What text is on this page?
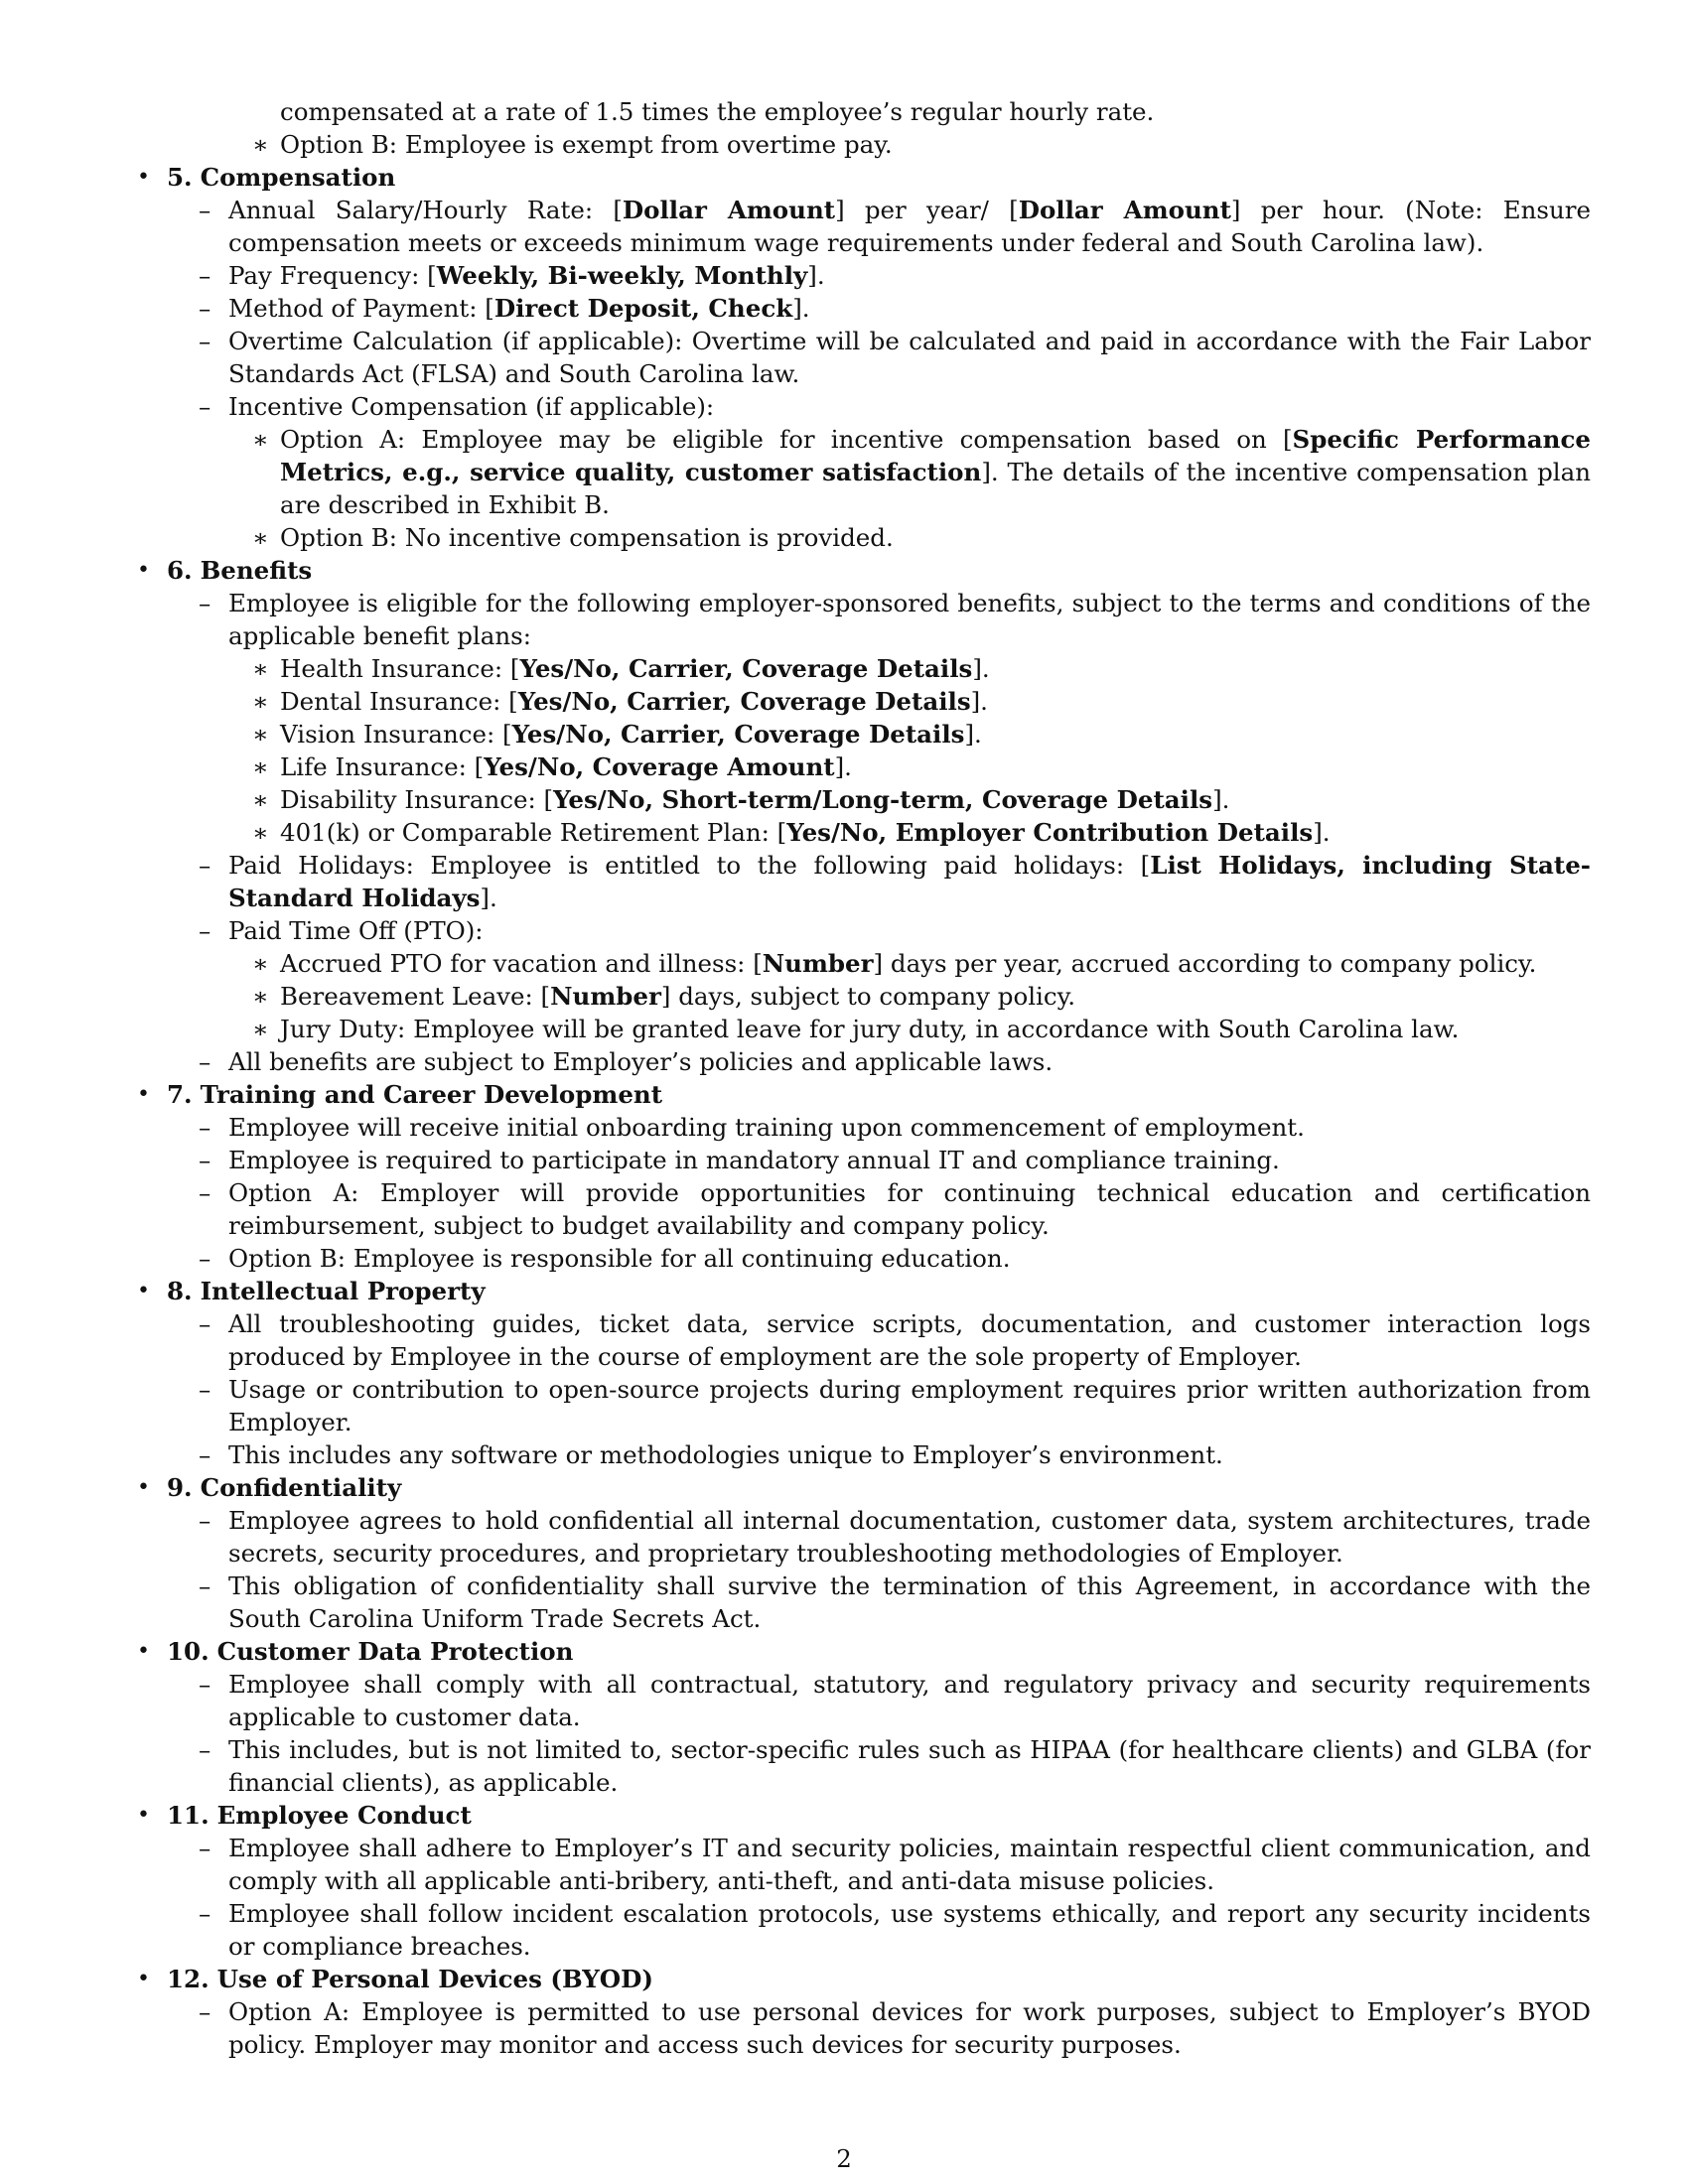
compensated at a rate of 1.5 times the employee’s regular hourly rate.
∗ Option B: Employee is exempt from overtime pay.
• 5. Compensation
– Annual Salary/Hourly Rate: [Dollar Amount] per year/ [Dollar Amount] per hour. (Note: Ensure compensation meets or exceeds minimum wage requirements under federal and South Carolina law).
– Pay Frequency: [Weekly, Bi-weekly, Monthly].
– Method of Payment: [Direct Deposit, Check].
– Overtime Calculation (if applicable): Overtime will be calculated and paid in accordance with the Fair Labor Standards Act (FLSA) and South Carolina law.
– Incentive Compensation (if applicable):
∗ Option A: Employee may be eligible for incentive compensation based on [Specific Performance Metrics, e.g., service quality, customer satisfaction]. The details of the incentive compensation plan are described in Exhibit B.
∗ Option B: No incentive compensation is provided.
• 6. Benefits
– Employee is eligible for the following employer-sponsored benefits, subject to the terms and conditions of the applicable benefit plans:
∗ Health Insurance: [Yes/No, Carrier, Coverage Details].
∗ Dental Insurance: [Yes/No, Carrier, Coverage Details].
∗ Vision Insurance: [Yes/No, Carrier, Coverage Details].
∗ Life Insurance: [Yes/No, Coverage Amount].
∗ Disability Insurance: [Yes/No, Short-term/Long-term, Coverage Details].
∗ 401(k) or Comparable Retirement Plan: [Yes/No, Employer Contribution Details].
– Paid Holidays: Employee is entitled to the following paid holidays: [List Holidays, including State-Standard Holidays].
– Paid Time Off (PTO):
∗ Accrued PTO for vacation and illness: [Number] days per year, accrued according to company policy.
∗ Bereavement Leave: [Number] days, subject to company policy.
∗ Jury Duty: Employee will be granted leave for jury duty, in accordance with South Carolina law.
– All benefits are subject to Employer’s policies and applicable laws.
• 7. Training and Career Development
– Employee will receive initial onboarding training upon commencement of employment.
– Employee is required to participate in mandatory annual IT and compliance training.
– Option A: Employer will provide opportunities for continuing technical education and certification reimbursement, subject to budget availability and company policy.
– Option B: Employee is responsible for all continuing education.
• 8. Intellectual Property
– All troubleshooting guides, ticket data, service scripts, documentation, and customer interaction logs produced by Employee in the course of employment are the sole property of Employer.
– Usage or contribution to open-source projects during employment requires prior written authorization from Employer.
– This includes any software or methodologies unique to Employer’s environment.
• 9. Confidentiality
– Employee agrees to hold confidential all internal documentation, customer data, system architectures, trade secrets, security procedures, and proprietary troubleshooting methodologies of Employer.
– This obligation of confidentiality shall survive the termination of this Agreement, in accordance with the South Carolina Uniform Trade Secrets Act.
• 10. Customer Data Protection
– Employee shall comply with all contractual, statutory, and regulatory privacy and security requirements applicable to customer data.
– This includes, but is not limited to, sector-specific rules such as HIPAA (for healthcare clients) and GLBA (for financial clients), as applicable.
• 11. Employee Conduct
– Employee shall adhere to Employer’s IT and security policies, maintain respectful client communication, and comply with all applicable anti-bribery, anti-theft, and anti-data misuse policies.
– Employee shall follow incident escalation protocols, use systems ethically, and report any security incidents or compliance breaches.
• 12. Use of Personal Devices (BYOD)
– Option A: Employee is permitted to use personal devices for work purposes, subject to Employer’s BYOD policy. Employer may monitor and access such devices for security purposes.
2
